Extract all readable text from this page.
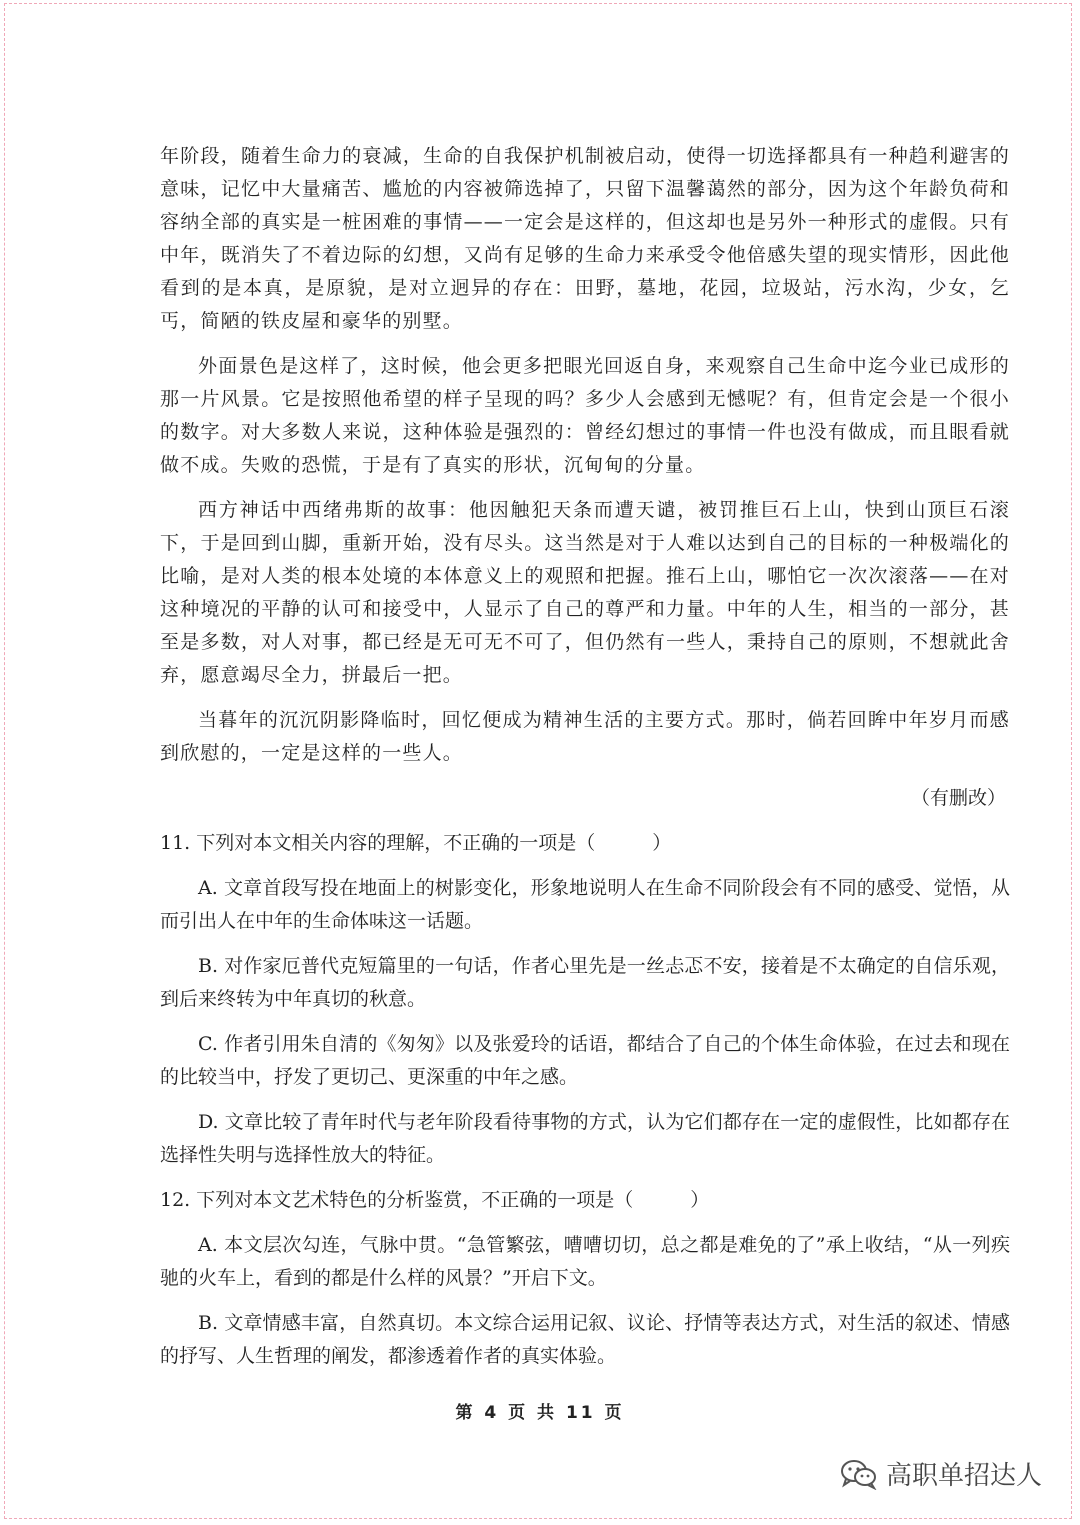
年阶段，随着生命力的衰减，生命的自我保护机制被启动，使得一切选择都具有一种趋利避害的意味，记忆中大量痛苦、尴尬的内容被筛选掉了，只留下温馨蔼然的部分，因为这个年龄负荷和容纳全部的真实是一桩困难的事情——一定会是这样的，但这却也是另外一种形式的虚假。只有中年，既消失了不着边际的幻想，又尚有足够的生命力来承受令他倍感失望的现实情形，因此他看到的是本真，是原貌，是对立迥异的存在：田野，墓地，花园，垃圾站，污水沟，少女，乞丐，简陋的铁皮屋和豪华的别墅。

外面景色是这样了，这时候，他会更多把眼光回返自身，来观察自己生命中迄今业已成形的那一片风景。它是按照他希望的样子呈现的吗？多少人会感到无憾呢？有，但肯定会是一个很小的数字。对大多数人来说，这种体验是强烈的：曾经幻想过的事情一件也没有做成，而且眼看就做不成。失败的恐慌，于是有了真实的形状，沉甸甸的分量。

西方神话中西绪弗斯的故事：他因触犯天条而遭天谴，被罚推巨石上山，快到山顶巨石滚下，于是回到山脚，重新开始，没有尽头。这当然是对于人难以达到自己的目标的一种极端化的比喻，是对人类的根本处境的本体意义上的观照和把握。推石上山，哪怕它一次次滚落——在对这种境况的平静的认可和接受中，人显示了自己的尊严和力量。中年的人生，相当的一部分，甚至是多数，对人对事，都已经是无可无不可了，但仍然有一些人，秉持自己的原则，不想就此舍弃，愿意竭尽全力，拼最后一把。

当暮年的沉沉阴影降临时，回忆便成为精神生活的主要方式。那时，倘若回眸中年岁月而感到欣慰的，一定是这样的一些人。

（有删改）

11. 下列对本文相关内容的理解，不正确的一项是（　　　）

A. 文章首段写投在地面上的树影变化，形象地说明人在生命不同阶段会有不同的感受、觉悟，从而引出人在中年的生命体味这一话题。

B. 对作家厄普代克短篇里的一句话，作者心里先是一丝忐忑不安，接着是不太确定的自信乐观，到后来终转为中年真切的秋意。

C. 作者引用朱自清的《匆匆》以及张爱玲的话语，都结合了自己的个体生命体验，在过去和现在的比较当中，抒发了更切己、更深重的中年之感。

D. 文章比较了青年时代与老年阶段看待事物的方式，认为它们都存在一定的虚假性，比如都存在选择性失明与选择性放大的特征。

12. 下列对本文艺术特色的分析鉴赏，不正确的一项是（　　　）

A. 本文层次勾连，气脉中贯。“急管繁弦，嘈嘈切切，总之都是难免的了”承上收结，“从一列疾驰的火车上，看到的都是什么样的风景？”开启下文。

B. 文章情感丰富，自然真切。本文综合运用记叙、议论、抒情等表达方式，对生活的叙述、情感的抒写、人生哲理的阐发，都渗透着作者的真实体验。

第 4 页 共 11 页
高职单招达人
